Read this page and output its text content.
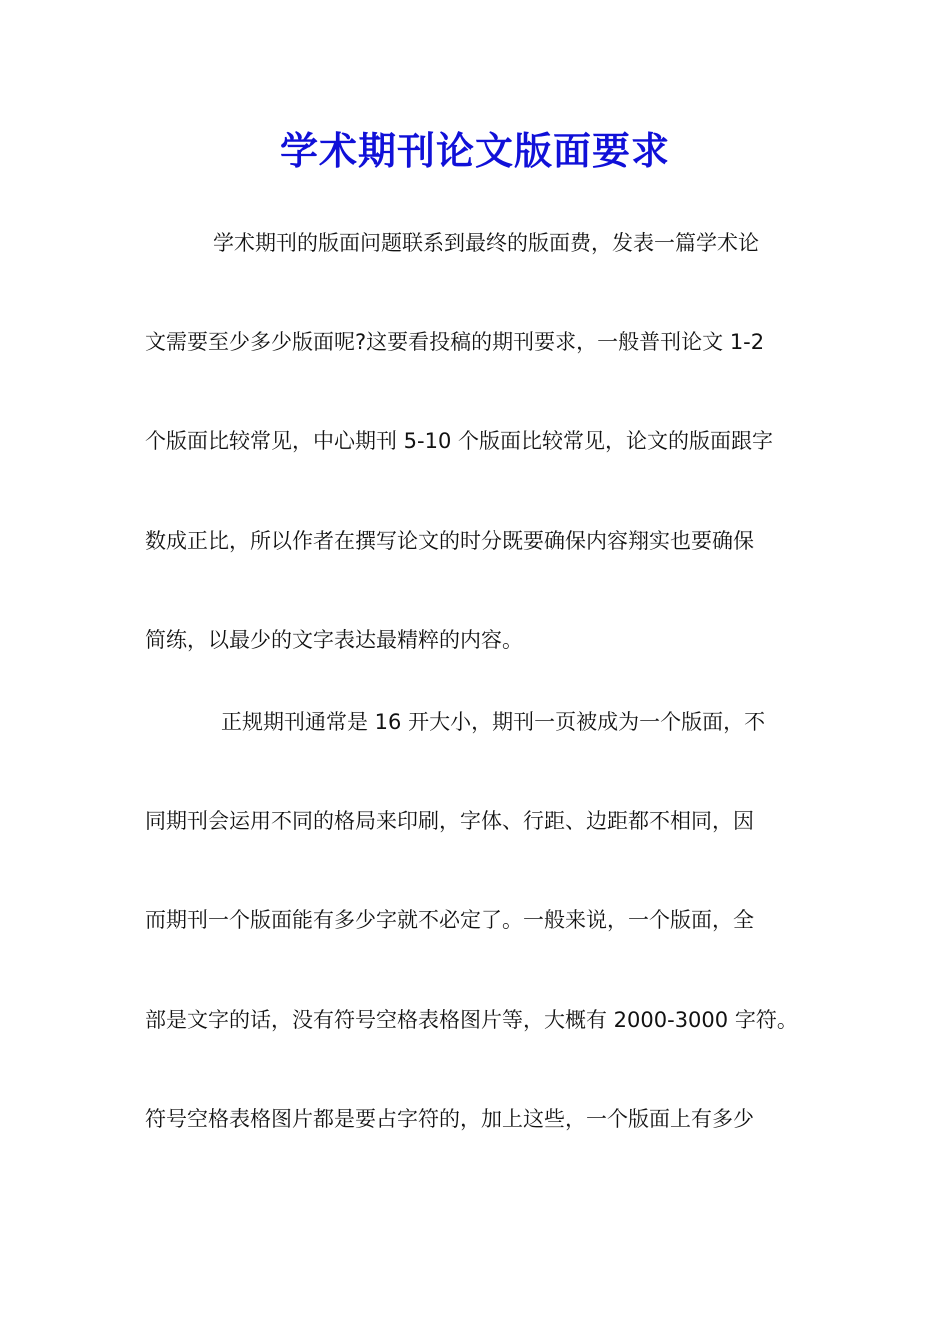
学术期刊论文版面要求
学术期刊的版面问题联系到最终的版面费，发表一篇学术论
文需要至少多少版面呢?这要看投稿的期刊要求，一般普刊论文 1-2
个版面比较常见，中心期刊 5-10 个版面比较常见，论文的版面跟字
数成正比，所以作者在撰写论文的时分既要确保内容翔实也要确保
简练，以最少的文字表达最精粹的内容。
正规期刊通常是 16 开大小，期刊一页被成为一个版面，不
同期刊会运用不同的格局来印刷，字体、行距、边距都不相同，因
而期刊一个版面能有多少字就不必定了。一般来说，一个版面，全
部是文字的话，没有符号空格表格图片等，大概有 2000-3000 字符。
符号空格表格图片都是要占字符的，加上这些，一个版面上有多少
